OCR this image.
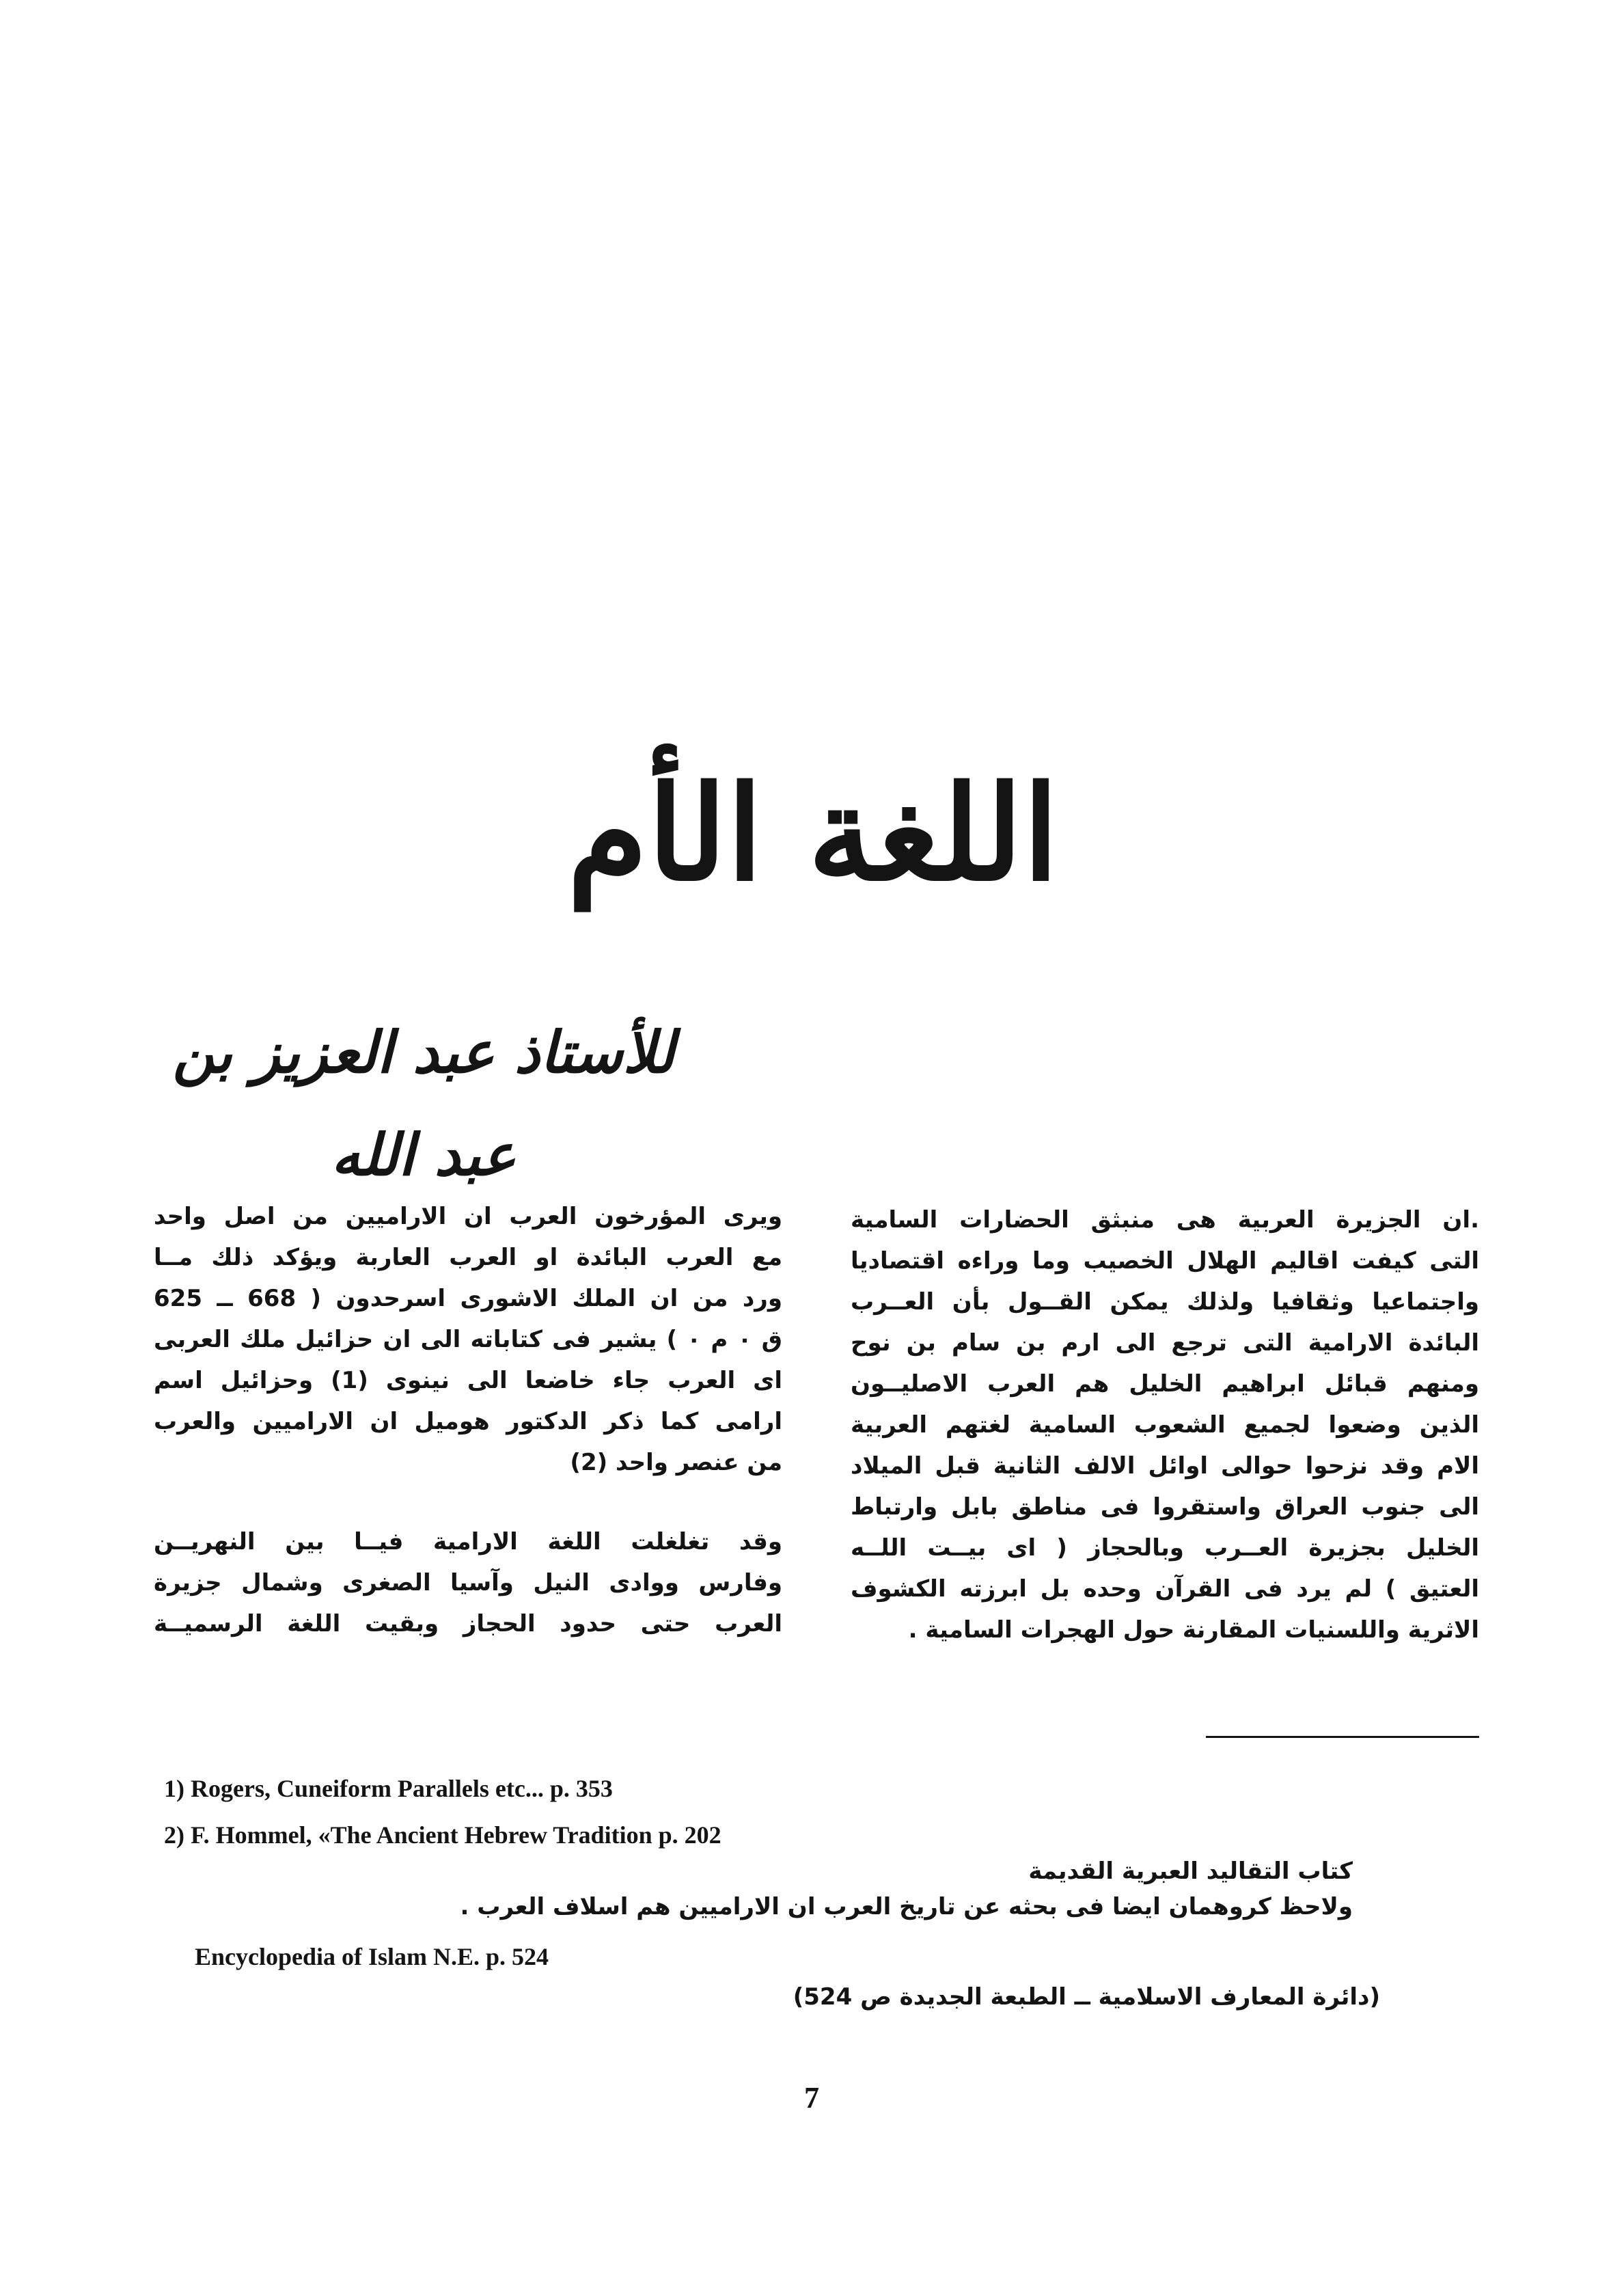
اللغة الأم
للأستاذ عبد العزيز بن عبد الله

.ان الجزيرة العربية هى منبثق الحضارات السامية
التى كيفت اقاليم الهلال الخصيب وما وراءه اقتصاديا
واجتماعيا وثقافيا ولذلك يمكن القــول بأن العــرب
البائدة الارامية التى ترجع الى ارم بن سام بن نوح
ومنهم قبائل ابراهيم الخليل هم العرب الاصليــون
الذين وضعوا لجميع الشعوب السامية لغتهم العربية
الام وقد نزحوا حوالى اوائل الالف الثانية قبل الميلاد
الى جنوب العراق واستقروا فى مناطق بابل وارتباط
الخليل بجزيرة العــرب وبالحجاز ( اى بيــت اللــه
العتيق ) لم يرد فى القرآن وحده بل ابرزته الكشوف
الاثرية واللسنيات المقارنة حول الهجرات السامية .

ويرى المؤرخون العرب ان الاراميين من اصل واحد
مع العرب البائدة او العرب العاربة ويؤكد ذلك مــا
ورد من ان الملك الاشورى اسرحدون ( 668 ــ 625
ق ٠ م ٠ ) يشير فى كتاباته الى ان حزائيل ملك العربى
اى العرب جاء خاضعا الى نينوى (1) وحزائيل اسم
ارامى كما ذكر الدكتور هوميل ان الاراميين والعرب
من عنصر واحد (2)

وقد تغلغلت اللغة الارامية فيــا بين النهريــن
وفارس ووادى النيل وآسيا الصغرى وشمال جزيرة
العرب حتى حدود الحجاز وبقيت اللغة الرسميــة

1) Rogers, Cuneiform Parallels etc... p. 353
2) F. Hommel, «The Ancient Hebrew Tradition p. 202
كتاب التقاليد العبرية القديمة
ولاحظ كروهمان ايضا فى بحثه عن تاريخ العرب ان الاراميين هم اسلاف العرب .
Encyclopedia of Islam N.E. p. 524
(دائرة المعارف الاسلامية ــ الطبعة الجديدة ص 524)
7
